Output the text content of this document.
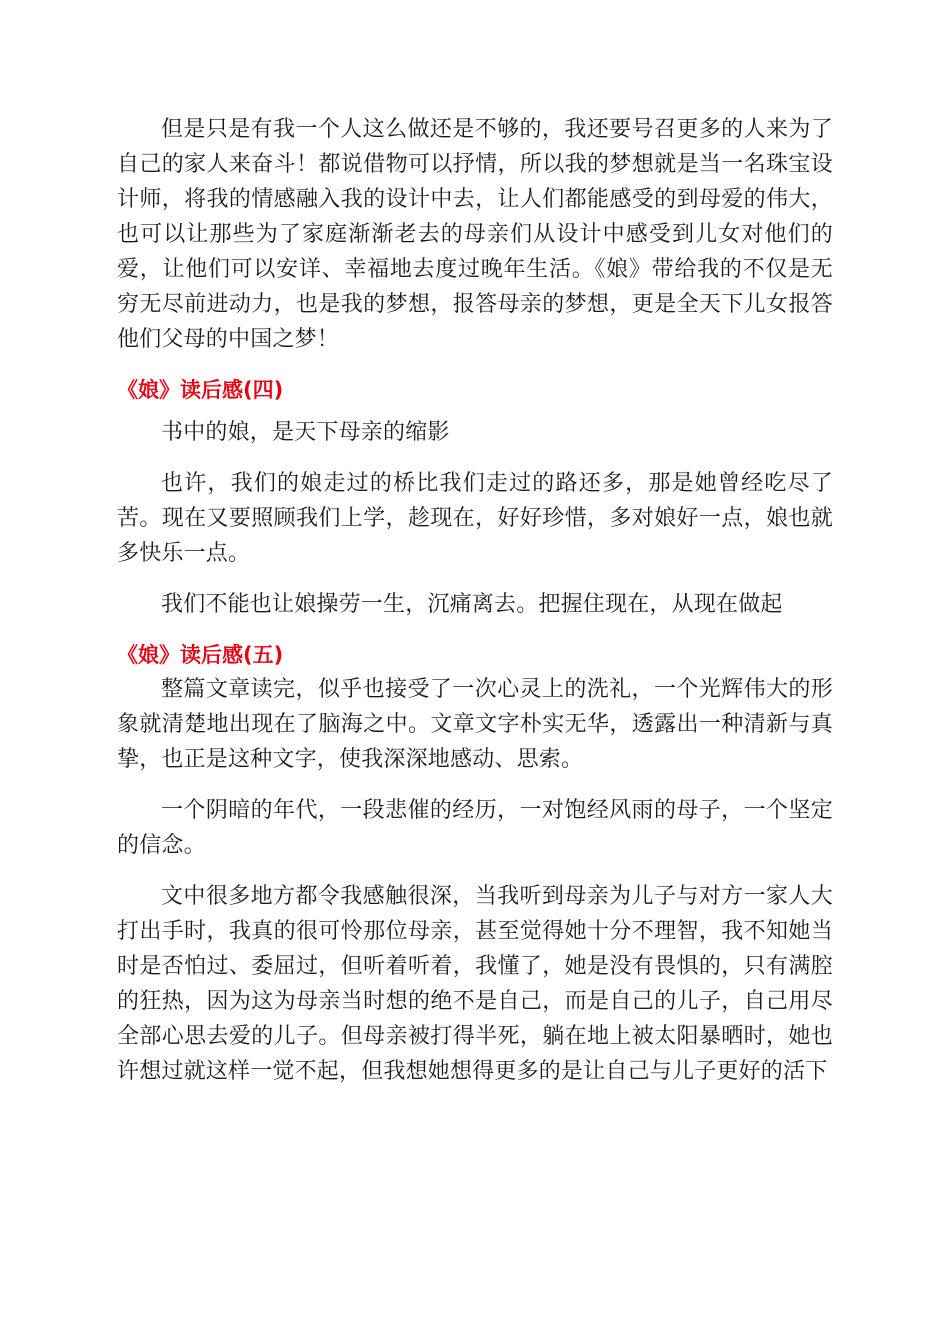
但是只是有我一个人这么做还是不够的，我还要号召更多的人来为了自己的家人来奋斗！都说借物可以抒情，所以我的梦想就是当一名珠宝设计师，将我的情感融入我的设计中去，让人们都能感受的到母爱的伟大，也可以让那些为了家庭渐渐老去的母亲们从设计中感受到儿女对他们的爱，让他们可以安详、幸福地去度过晚年生活。《娘》带给我的不仅是无穷无尽前进动力，也是我的梦想，报答母亲的梦想，更是全天下儿女报答他们父母的中国之梦！

《娘》读后感(四)

书中的娘，是天下母亲的缩影

也许，我们的娘走过的桥比我们走过的路还多，那是她曾经吃尽了苦。现在又要照顾我们上学，趁现在，好好珍惜，多对娘好一点，娘也就多快乐一点。

我们不能也让娘操劳一生，沉痛离去。把握住现在，从现在做起

《娘》读后感(五)

整篇文章读完，似乎也接受了一次心灵上的洗礼，一个光辉伟大的形象就清楚地出现在了脑海之中。文章文字朴实无华，透露出一种清新与真挚，也正是这种文字，使我深深地感动、思索。

一个阴暗的年代，一段悲催的经历，一对饱经风雨的母子，一个坚定的信念。

文中很多地方都令我感触很深，当我听到母亲为儿子与对方一家人大打出手时，我真的很可怜那位母亲，甚至觉得她十分不理智，我不知她当时是否怕过、委屈过，但听着听着，我懂了，她是没有畏惧的，只有满腔的狂热，因为这为母亲当时想的绝不是自己，而是自己的儿子，自己用尽全部心思去爱的儿子。但母亲被打得半死，躺在地上被太阳暴晒时，她也许想过就这样一觉不起，但我想她想得更多的是让自己与儿子更好的活下
